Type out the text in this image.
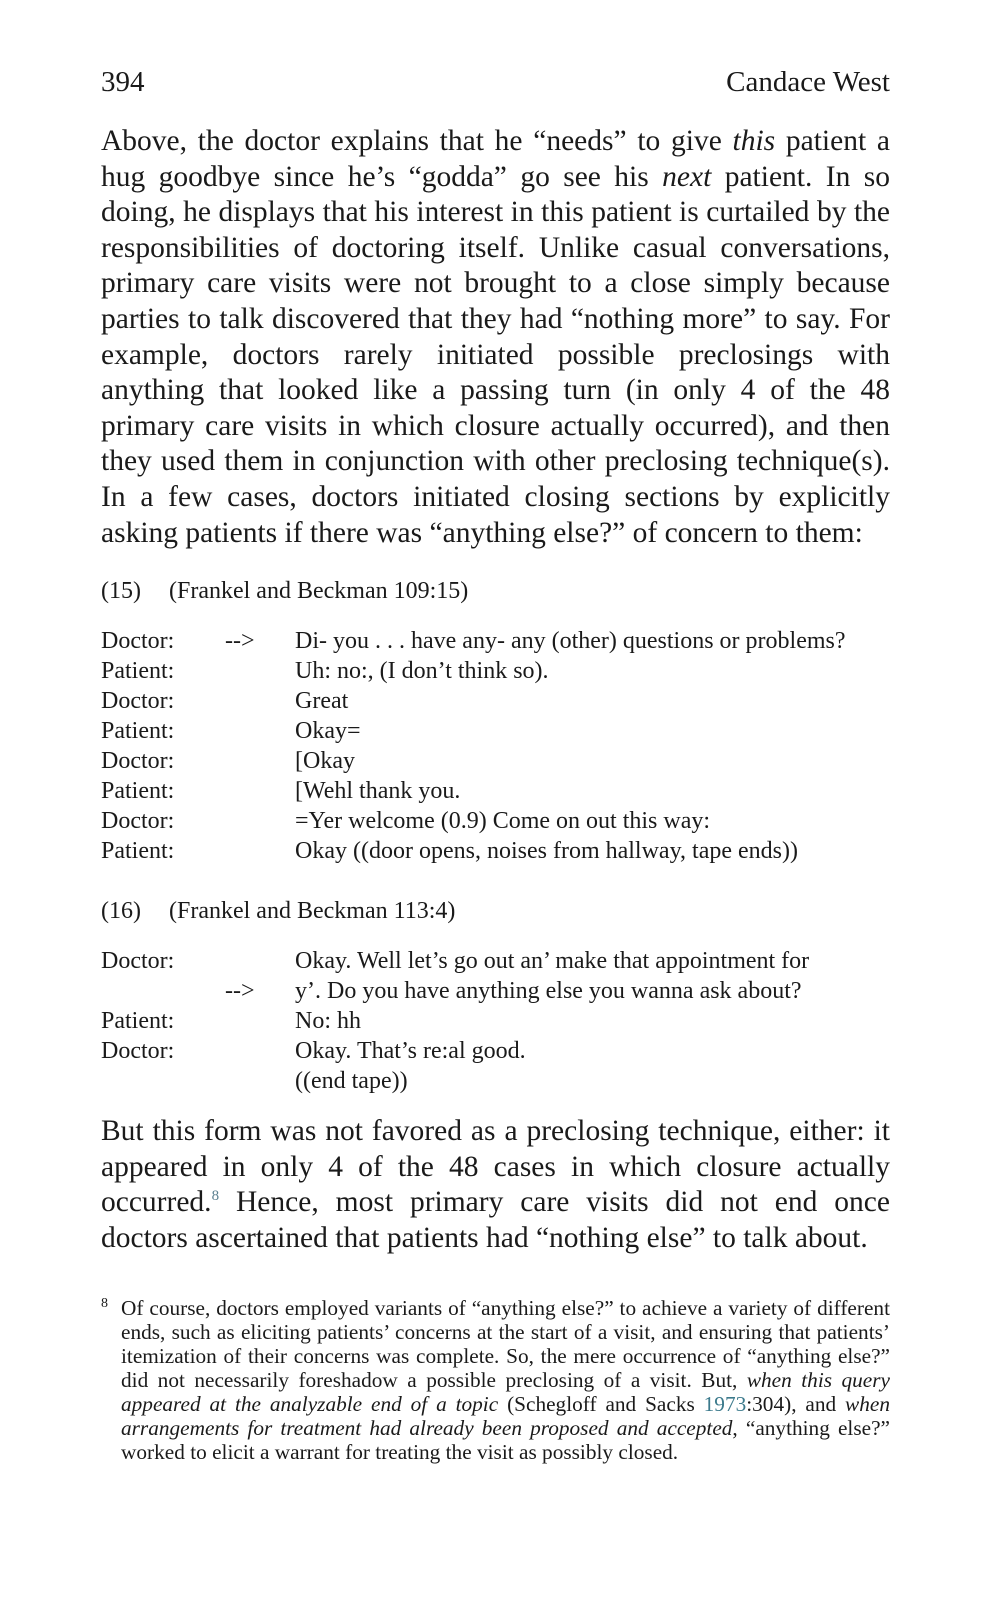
394	Candace West

Above, the doctor explains that he “needs” to give this patient a hug goodbye since he’s “godda” go see his next patient. In so doing, he displays that his interest in this patient is curtailed by the responsibilities of doctoring itself. Unlike casual conversations, primary care visits were not brought to a close simply because parties to talk discovered that they had “nothing more” to say. For example, doctors rarely initiated possible preclosings with anything that looked like a passing turn (in only 4 of the 48 primary care visits in which closure actually occurred), and then they used them in conjunction with other preclosing technique(s). In a few cases, doctors initiated closing sections by explicitly asking patients if there was “anything else?” of concern to them:

(15) (Frankel and Beckman 109:15)
Doctor: --> Di- you . . . have any- any (other) questions or problems?
Patient:	Uh: no:, (I don’t think so).
Doctor:	Great
Patient:	Okay=
Doctor:	[Okay
Patient:	[Wehl thank you.
Doctor:	=Yer welcome (0.9) Come on out this way:
Patient:	Okay ((door opens, noises from hallway, tape ends))
(16) (Frankel and Beckman 113:4)
Doctor:	Okay. Well let’s go out an’ make that appointment for
--> y’. Do you have anything else you wanna ask about?
Patient:	No: hh
Doctor:	Okay. That’s re:al good.
((end tape))

But this form was not favored as a preclosing technique, either: it appeared in only 4 of the 48 cases in which closure actually occurred.$^8$ Hence, most primary care visits did not end once doctors ascertained that patients had “nothing else” to talk about.

8 Of course, doctors employed variants of “anything else?” to achieve a variety of different ends, such as eliciting patients’ concerns at the start of a visit, and ensuring that patients’ itemization of their concerns was complete. So, the mere occurrence of “anything else?” did not necessarily foreshadow a possible preclosing of a visit. But, when this query appeared at the analyzable end of a topic (Schegloff and Sacks 1973:304), and when arrangements for treatment had already been proposed and accepted, “anything else?” worked to elicit a warrant for treating the visit as possibly closed.
